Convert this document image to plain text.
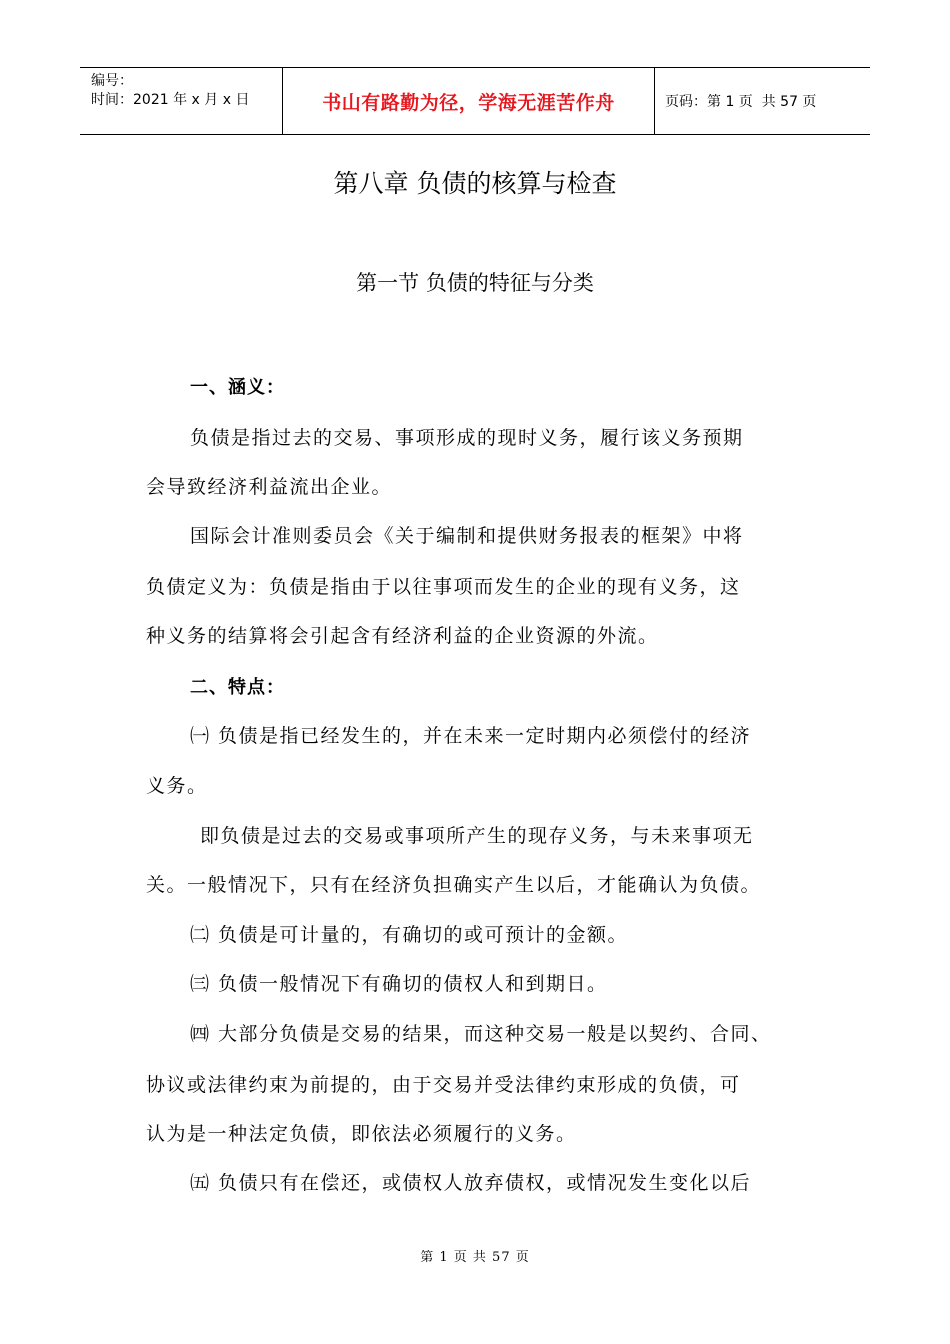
编号：
时间：2021 年 x 月 x 日	书山有路勤为径，学海无涯苦作舟	页码：第 1 页  共 57 页
第八章 负债的核算与检查
第一节 负债的特征与分类
一、涵义：
负债是指过去的交易、事项形成的现时义务，履行该义务预期
会导致经济利益流出企业。
国际会计准则委员会《关于编制和提供财务报表的框架》中将
负债定义为：负债是指由于以往事项而发生的企业的现有义务，这
种义务的结算将会引起含有经济利益的企业资源的外流。
二、特点：
㈠ 负债是指已经发生的，并在未来一定时期内必须偿付的经济
义务。
即负债是过去的交易或事项所产生的现存义务，与未来事项无
关。一般情况下，只有在经济负担确实产生以后，才能确认为负债。
㈡ 负债是可计量的，有确切的或可预计的金额。
㈢ 负债一般情况下有确切的债权人和到期日。
㈣ 大部分负债是交易的结果，而这种交易一般是以契约、合同、
协议或法律约束为前提的，由于交易并受法律约束形成的负债，可
认为是一种法定负债，即依法必须履行的义务。
㈤ 负债只有在偿还，或债权人放弃债权，或情况发生变化以后
第 1 页 共 57 页
